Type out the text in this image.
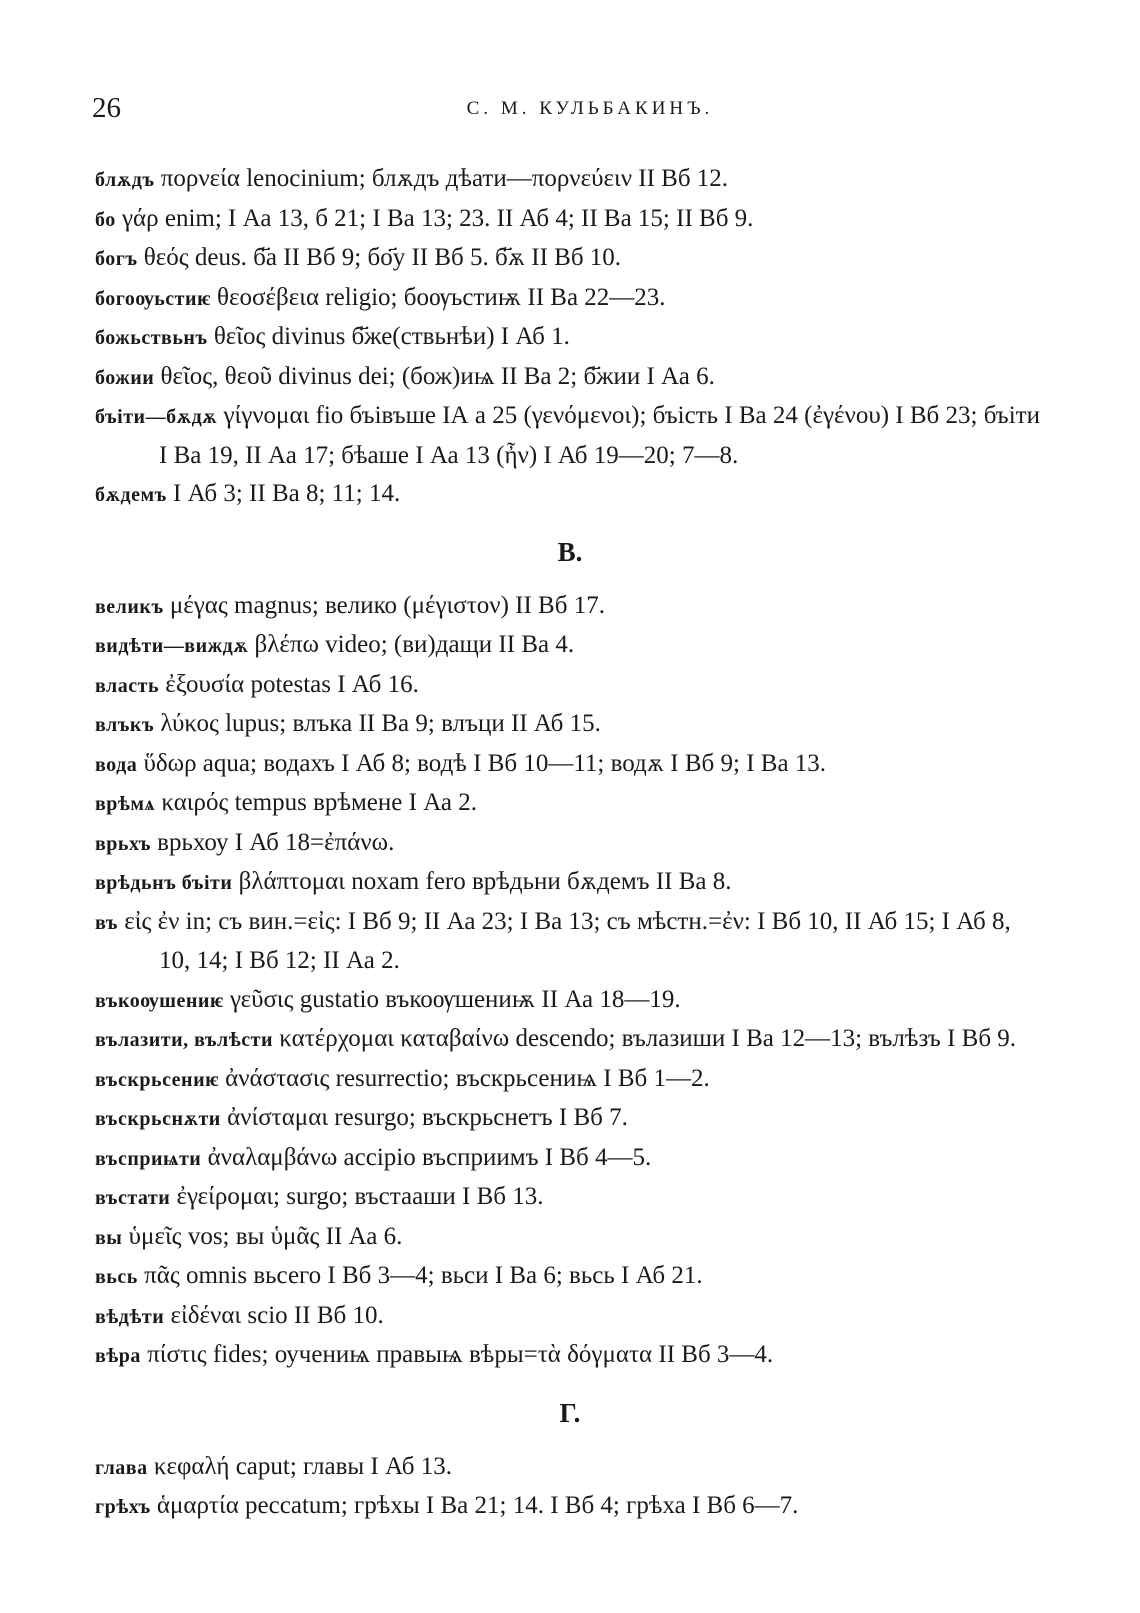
26	С. М. КУЛЬБАКИНЪ.
блѫдъ πορνεία lenocinium; блѫдъ дѣати—πορνεύειν II Вб 12.
бо γάρ enim; I Аа 13, б 21; I Ва 13; 23. II Аб 4; II Ва 15; II Вб 9.
богъ θεός deus. б҃а II Вб 9; бо҃у II Вб 5. б҃ѫ II Вб 10.
богоѹьстиѥ θεοσέβεια religio; боѹьстиѭ II Ва 22—23.
божьствьнъ θεῖος divinus б҃же(ствьнѣи) I Аб 1.
божии θεῖος, θεοῦ divinus dei; (бож)иѩ II Ва 2; б҃жии I Аа 6.
бъіти—бѫдѫ γίγνομαι fio бъівъше IА а 25 (γενόμενοι); бъість I Ва 24 (ἐγένου) I Вб 23; бъіти I Ва 19, II Аа 17; бѣаше I Аа 13 (ἦν) I Аб 19—20; 7—8.
бѫдемъ I Аб 3; II Ва 8; 11; 14.
В.
великъ μέγας magnus; велико (μέγιστον) II Вб 17.
видѣти—виждѫ βλέπω video; (ви)дащи II Ва 4.
власть ἐξουσία potestas I Аб 16.
влъкъ λύκος lupus; влъка II Ва 9; влъци II Аб 15.
вода ὕδωρ aqua; водахъ I Аб 8; водѣ I Вб 10—11; водѫ I Вб 9; I Ва 13.
врѣмѧ καιρός tempus врѣмене I Аа 2.
врьхъ врьхоу I Аб 18=ἐπάνω.
врѣдьнъ бъіти βλάπτομαι noxam fero врѣдьни бѫдемъ II Ва 8.
въ εἰς ἐν in; съ вин.=εἰς: I Вб 9; II Аа 23; I Ва 13; съ мѣстн.=ἐν: I Вб 10, II Аб 15; I Аб 8, 10, 14; I Вб 12; II Аа 2.
въкоѹшениѥ γεῦσις gustatio въкоѹшениѭ II Аа 18—19.
вълазити, вълѣсти κατέρχομαι καταβαίνω descendo; вълазиши I Ва 12—13; вълѣзъ I Вб 9.
въскрьсениѥ ἀνάστασις resurrectio; въскрьсениѩ I Вб 1—2.
въскрьснѫти ἀνίσταμαι resurgo; въскрьснетъ I Вб 7.
въсприѩти ἀναλαμβάνω accipio въсприимъ I Вб 4—5.
въстати ἐγείρομαι; surgo; въстааши I Вб 13.
вы ὑμεῖς vos; вы ὑμᾶς II Аа 6.
вьсь πᾶς omnis вьсего I Вб 3—4; вьси I Ва 6; вьсь I Аб 21.
вѣдѣти εἰδέναι scio II Вб 10.
вѣра πίστις fides; оучениѩ правыѩ вѣры=τὰ δόγματα II Вб 3—4.
Г.
глава κεφαλή caput; главы I Аб 13.
грѣхъ ἁμαρτία peccatum; грѣхы I Ва 21; 14. I Вб 4; грѣха I Вб 6—7.
